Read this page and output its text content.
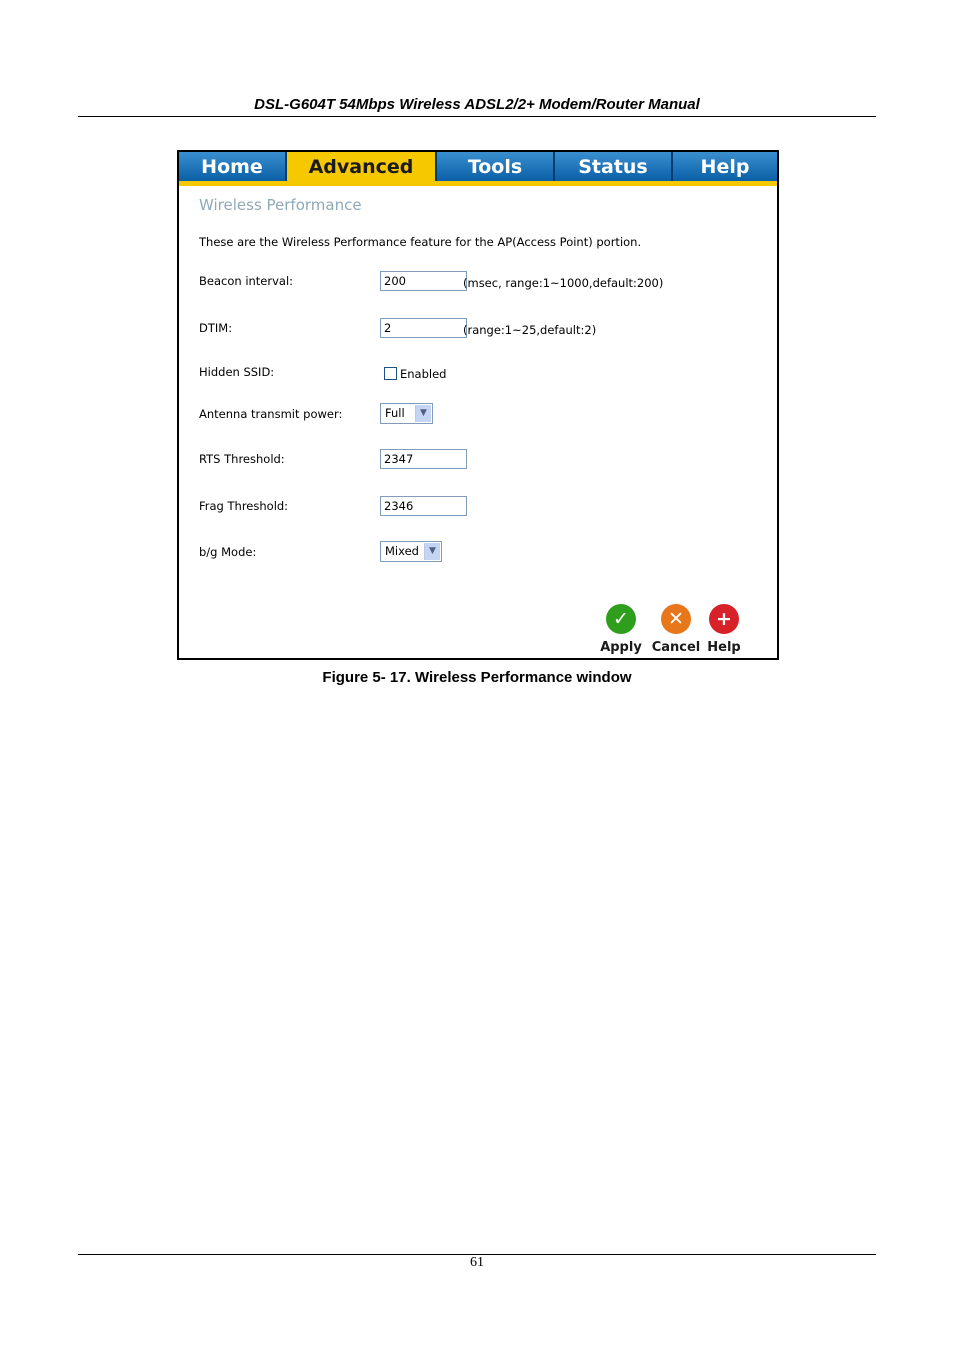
DSL-G604T 54Mbps Wireless ADSL2/2+ Modem/Router Manual
Home	Advanced	Tools	Status	Help
Wireless Performance
These are the Wireless Performance feature for the AP(Access Point) portion.
Beacon interval:	200	(msec, range:1~1000,default:200)
DTIM:	2	(range:1~25,default:2)
Hidden SSID:	Enabled
Antenna transmit power:	Full	▼
RTS Threshold:	2347
Frag Threshold:	2346
b/g Mode:	Mixed	▼
✓
Apply
✕
Cancel
+
Help
Figure 5- 17. Wireless Performance window
61
